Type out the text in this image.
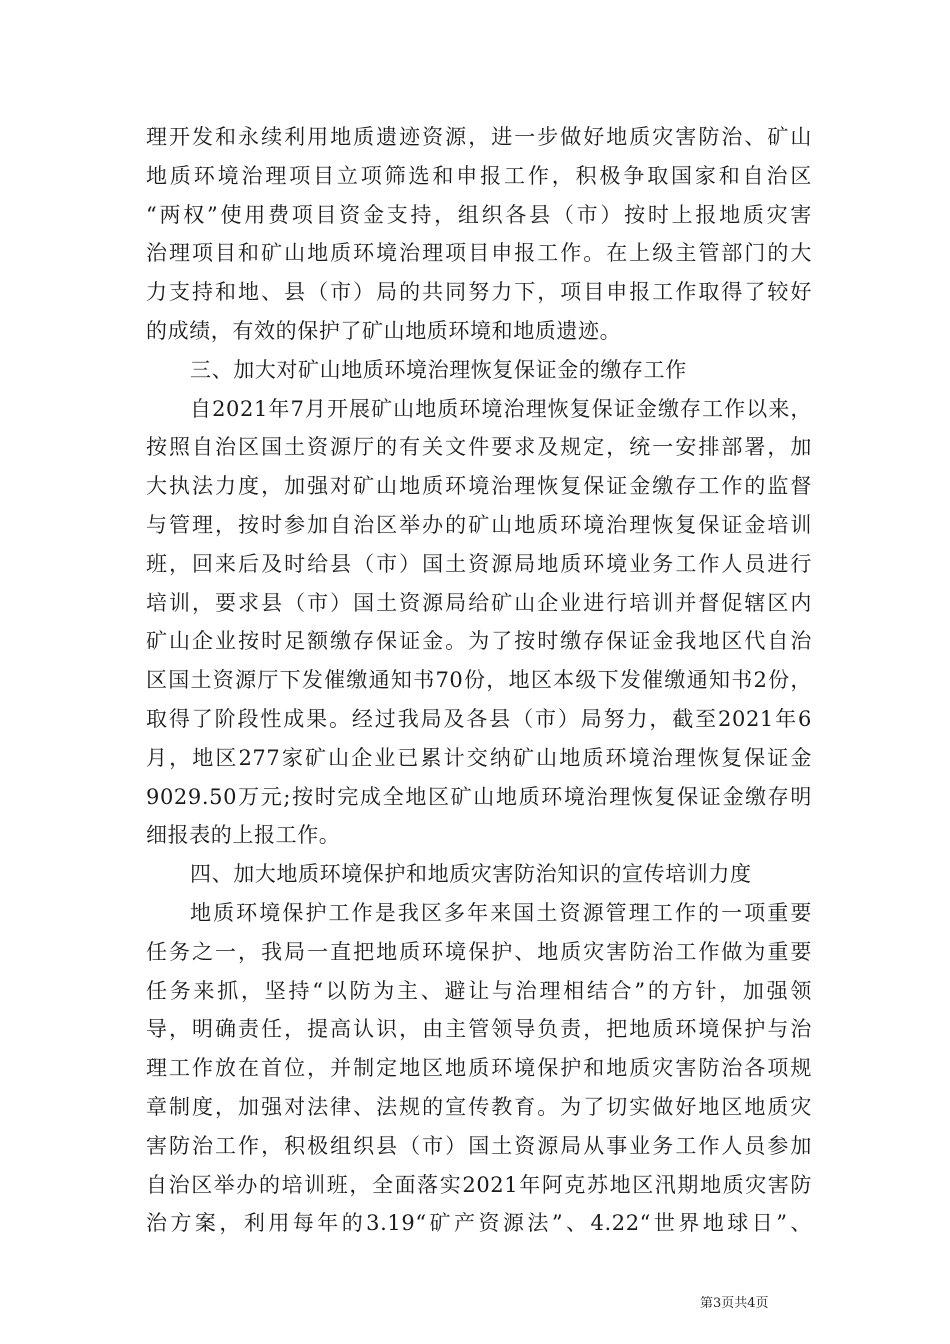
理开发和永续利用地质遗迹资源，进一步做好地质灾害防治、矿山
地质环境治理项目立项筛选和申报工作，积极争取国家和自治区
“两权”使用费项目资金支持，组织各县（市）按时上报地质灾害
治理项目和矿山地质环境治理项目申报工作。在上级主管部门的大
力支持和地、县（市）局的共同努力下，项目申报工作取得了较好
的成绩，有效的保护了矿山地质环境和地质遗迹。
三、加大对矿山地质环境治理恢复保证金的缴存工作
自2021年7月开展矿山地质环境治理恢复保证金缴存工作以来，
按照自治区国土资源厅的有关文件要求及规定，统一安排部署，加
大执法力度，加强对矿山地质环境治理恢复保证金缴存工作的监督
与管理，按时参加自治区举办的矿山地质环境治理恢复保证金培训
班，回来后及时给县（市）国土资源局地质环境业务工作人员进行
培训，要求县（市）国土资源局给矿山企业进行培训并督促辖区内
矿山企业按时足额缴存保证金。为了按时缴存保证金我地区代自治
区国土资源厅下发催缴通知书70份，地区本级下发催缴通知书2份，
取得了阶段性成果。经过我局及各县（市）局努力，截至2021年6
月，地区277家矿山企业已累计交纳矿山地质环境治理恢复保证金
9029.50万元;按时完成全地区矿山地质环境治理恢复保证金缴存明
细报表的上报工作。
四、加大地质环境保护和地质灾害防治知识的宣传培训力度
地质环境保护工作是我区多年来国土资源管理工作的一项重要
任务之一，我局一直把地质环境保护、地质灾害防治工作做为重要
任务来抓，坚持“以防为主、避让与治理相结合”的方针，加强领
导，明确责任，提高认识，由主管领导负责，把地质环境保护与治
理工作放在首位，并制定地区地质环境保护和地质灾害防治各项规
章制度，加强对法律、法规的宣传教育。为了切实做好地区地质灾
害防治工作，积极组织县（市）国土资源局从事业务工作人员参加
自治区举办的培训班，全面落实2021年阿克苏地区汛期地质灾害防
治方案，利用每年的3.19“矿产资源法”、4.22“世界地球日”、
第3页共4页
